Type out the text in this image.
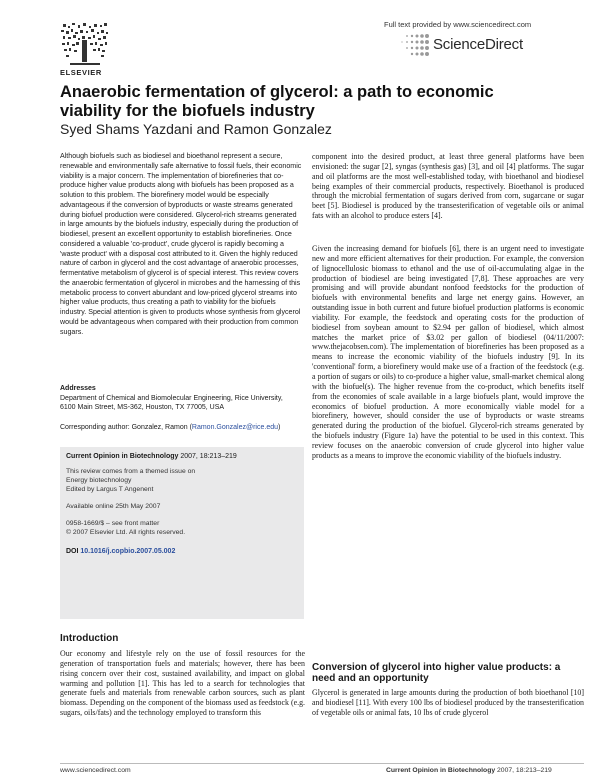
ELSEVIER
Full text provided by www.sciencedirect.com
ScienceDirect
Anaerobic fermentation of glycerol: a path to economic viability for the biofuels industry
Syed Shams Yazdani and Ramon Gonzalez
Although biofuels such as biodiesel and bioethanol represent a secure, renewable and environmentally safe alternative to fossil fuels, their economic viability is a major concern. The implementation of biorefineries that co-produce higher value products along with biofuels has been proposed as a solution to this problem. The biorefinery model would be especially advantageous if the conversion of byproducts or waste streams generated during biofuel production were considered. Glycerol-rich streams generated in large amounts by the biofuels industry, especially during the production of biodiesel, present an excellent opportunity to establish biorefineries. Once considered a valuable 'co-product', crude glycerol is rapidly becoming a 'waste product' with a disposal cost attributed to it. Given the highly reduced nature of carbon in glycerol and the cost advantage of anaerobic processes, fermentative metabolism of glycerol is of special interest. This review covers the anaerobic fermentation of glycerol in microbes and the harnessing of this metabolic process to convert abundant and low-priced glycerol streams into higher value products, thus creating a path to viability for the biofuels industry. Special attention is given to products whose synthesis from glycerol would be advantageous when compared with their production from common sugars.
Addresses
Department of Chemical and Biomolecular Engineering, Rice University, 6100 Main Street, MS-362, Houston, TX 77005, USA
Corresponding author: Gonzalez, Ramon (Ramon.Gonzalez@rice.edu)
Current Opinion in Biotechnology 2007, 18:213–219
This review comes from a themed issue on
Energy biotechnology
Edited by Largus T Angenent
Available online 25th May 2007
0958-1669/$ – see front matter
© 2007 Elsevier Ltd. All rights reserved.
DOI 10.1016/j.copbio.2007.05.002
Introduction
Our economy and lifestyle rely on the use of fossil resources for the generation of transportation fuels and materials; however, there has been rising concern over their cost, sustained availability, and impact on global warming and pollution [1]. This has led to a search for technologies that generate fuels and materials from renewable carbon sources, such as plant biomass. Depending on the component of the biomass used as feedstock (e.g. sugars, oils/fats) and the technology employed to transform this
component into the desired product, at least three general platforms have been envisioned: the sugar [2], syngas (synthesis gas) [3], and oil [4] platforms. The sugar and oil platforms are the most well-established today, with bioethanol and biodiesel being examples of their commercial products, respectively. Bioethanol is produced through the microbial fermentation of sugars derived from corn, sugarcane or sugar beet [5]. Biodiesel is produced by the transesterification of vegetable oils or animal fats with an alcohol to produce esters [4].
Given the increasing demand for biofuels [6], there is an urgent need to investigate new and more efficient alternatives for their production. For example, the conversion of lignocellulosic biomass to ethanol and the use of oil-accumulating algae in the production of biodiesel are being investigated [7,8]. These approaches are very promising and will provide abundant nonfood feedstocks for the production of biofuels with environmental benefits and large net energy gains. However, an outstanding issue in both current and future biofuel production platforms is economic viability. For example, the feedstock and operating costs for the production of biodiesel from soybean amount to $2.94 per gallon of biodiesel, which almost matches the market price of $3.02 per gallon of biodiesel (04/11/2007: www.thejacobsen.com). The implementation of biorefineries has been proposed as a means to increase the economic viability of the biofuels industry [9]. In its 'conventional' form, a biorefinery would make use of a fraction of the feedstock (e.g. a portion of sugars or oils) to co-produce a higher value, small-market chemical along with the biofuel(s). The higher revenue from the co-product, which benefits itself from the economies of scale available in a large biofuels plant, would improve the economics of biofuel production. A more economically viable model for a biorefinery, however, should consider the use of byproducts or waste streams generated during the production of the biofuel. Glycerol-rich streams generated by the biofuels industry (Figure 1a) have the potential to be used in this context. This review focuses on the anaerobic conversion of crude glycerol into higher value products as a means to improve the economic viability of the biofuels industry.
Conversion of glycerol into higher value products: a need and an opportunity
Glycerol is generated in large amounts during the production of both bioethanol [10] and biodiesel [11]. With every 100 lbs of biodiesel produced by the transesterification of vegetable oils or animal fats, 10 lbs of crude glycerol
www.sciencedirect.com	Current Opinion in Biotechnology 2007, 18:213–219
